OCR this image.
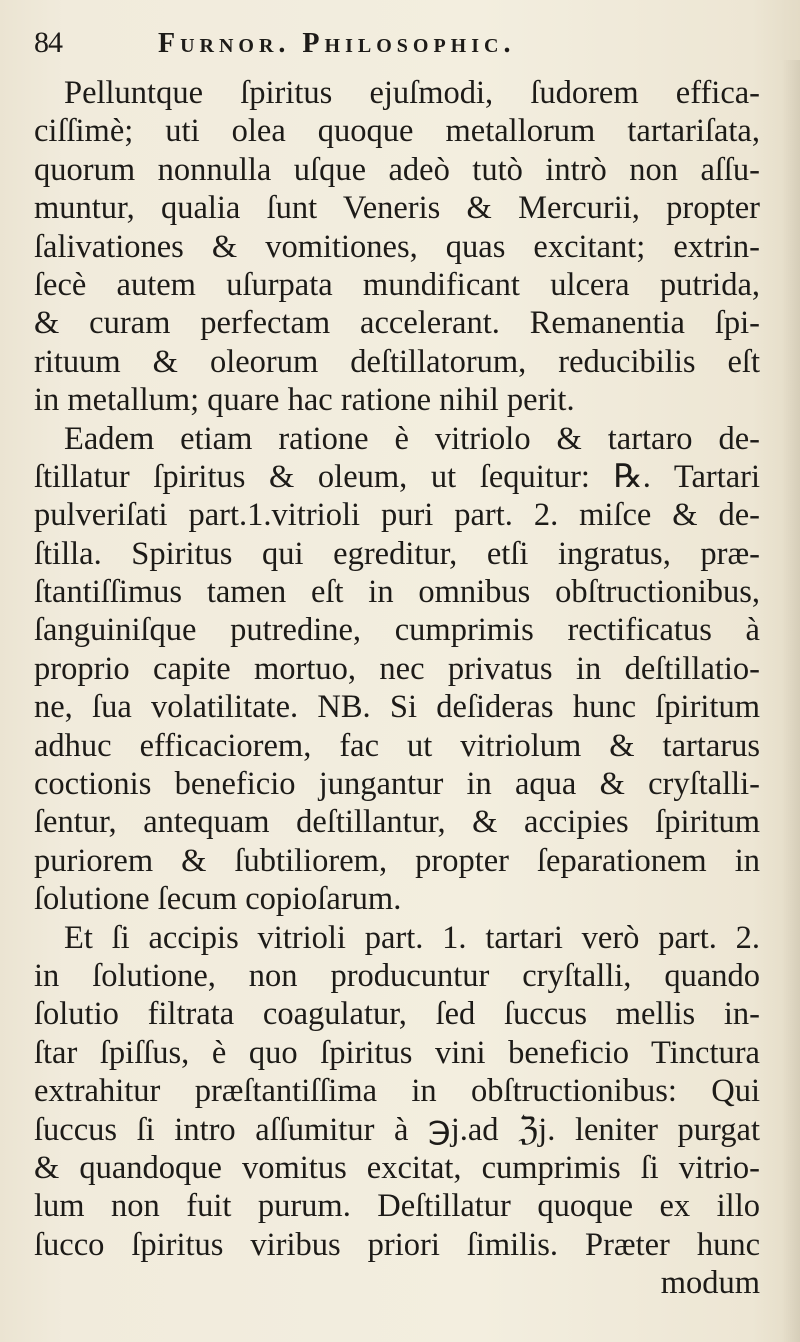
84	Furnor. Philosophic.
Pelluntque ſpiritus ejuſmodi, ſudorem effica-
ciſſimè; uti olea quoque metallorum tartariſata,
quorum nonnulla uſque adeò tutò intrò non aſſu-
muntur, qualia ſunt Veneris & Mercurii, propter
ſalivationes & vomitiones, quas excitant; extrin-
ſecè autem uſurpata mundificant ulcera putrida,
& curam perfectam accelerant. Remanentia ſpi-
rituum & oleorum deſtillatorum, reducibilis eſt
in metallum; quare hac ratione nihil perit.
Eadem etiam ratione è vitriolo & tartaro de-
ſtillatur ſpiritus & oleum, ut ſequitur: ℞. Tartari
pulveriſati part.1.vitrioli puri part. 2. miſce & de-
ſtilla. Spiritus qui egreditur, etſi ingratus, præ-
ſtantiſſimus tamen eſt in omnibus obſtructionibus,
ſanguiniſque putredine, cumprimis rectificatus à
proprio capite mortuo, nec privatus in deſtillatio-
ne, ſua volatilitate. NB. Si deſideras hunc ſpiritum
adhuc efficaciorem, fac ut vitriolum & tartarus
coctionis beneficio jungantur in aqua & cryſtalli-
ſentur, antequam deſtillantur, & accipies ſpiritum
puriorem & ſubtiliorem, propter ſeparationem in
ſolutione ſecum copioſarum.
Et ſi accipis vitrioli part. 1. tartari verò part. 2.
in ſolutione, non producuntur cryſtalli, quando
ſolutio filtrata coagulatur, ſed ſuccus mellis in-
ſtar ſpiſſus, è quo ſpiritus vini beneficio Tinctura
extrahitur præſtantiſſima in obſtructionibus: Qui
ſuccus ſi intro aſſumitur à ℈j.ad ℨj. leniter purgat
& quandoque vomitus excitat, cumprimis ſi vitrio-
lum non fuit purum. Deſtillatur quoque ex illo
ſucco ſpiritus viribus priori ſimilis. Præter hunc
modum
